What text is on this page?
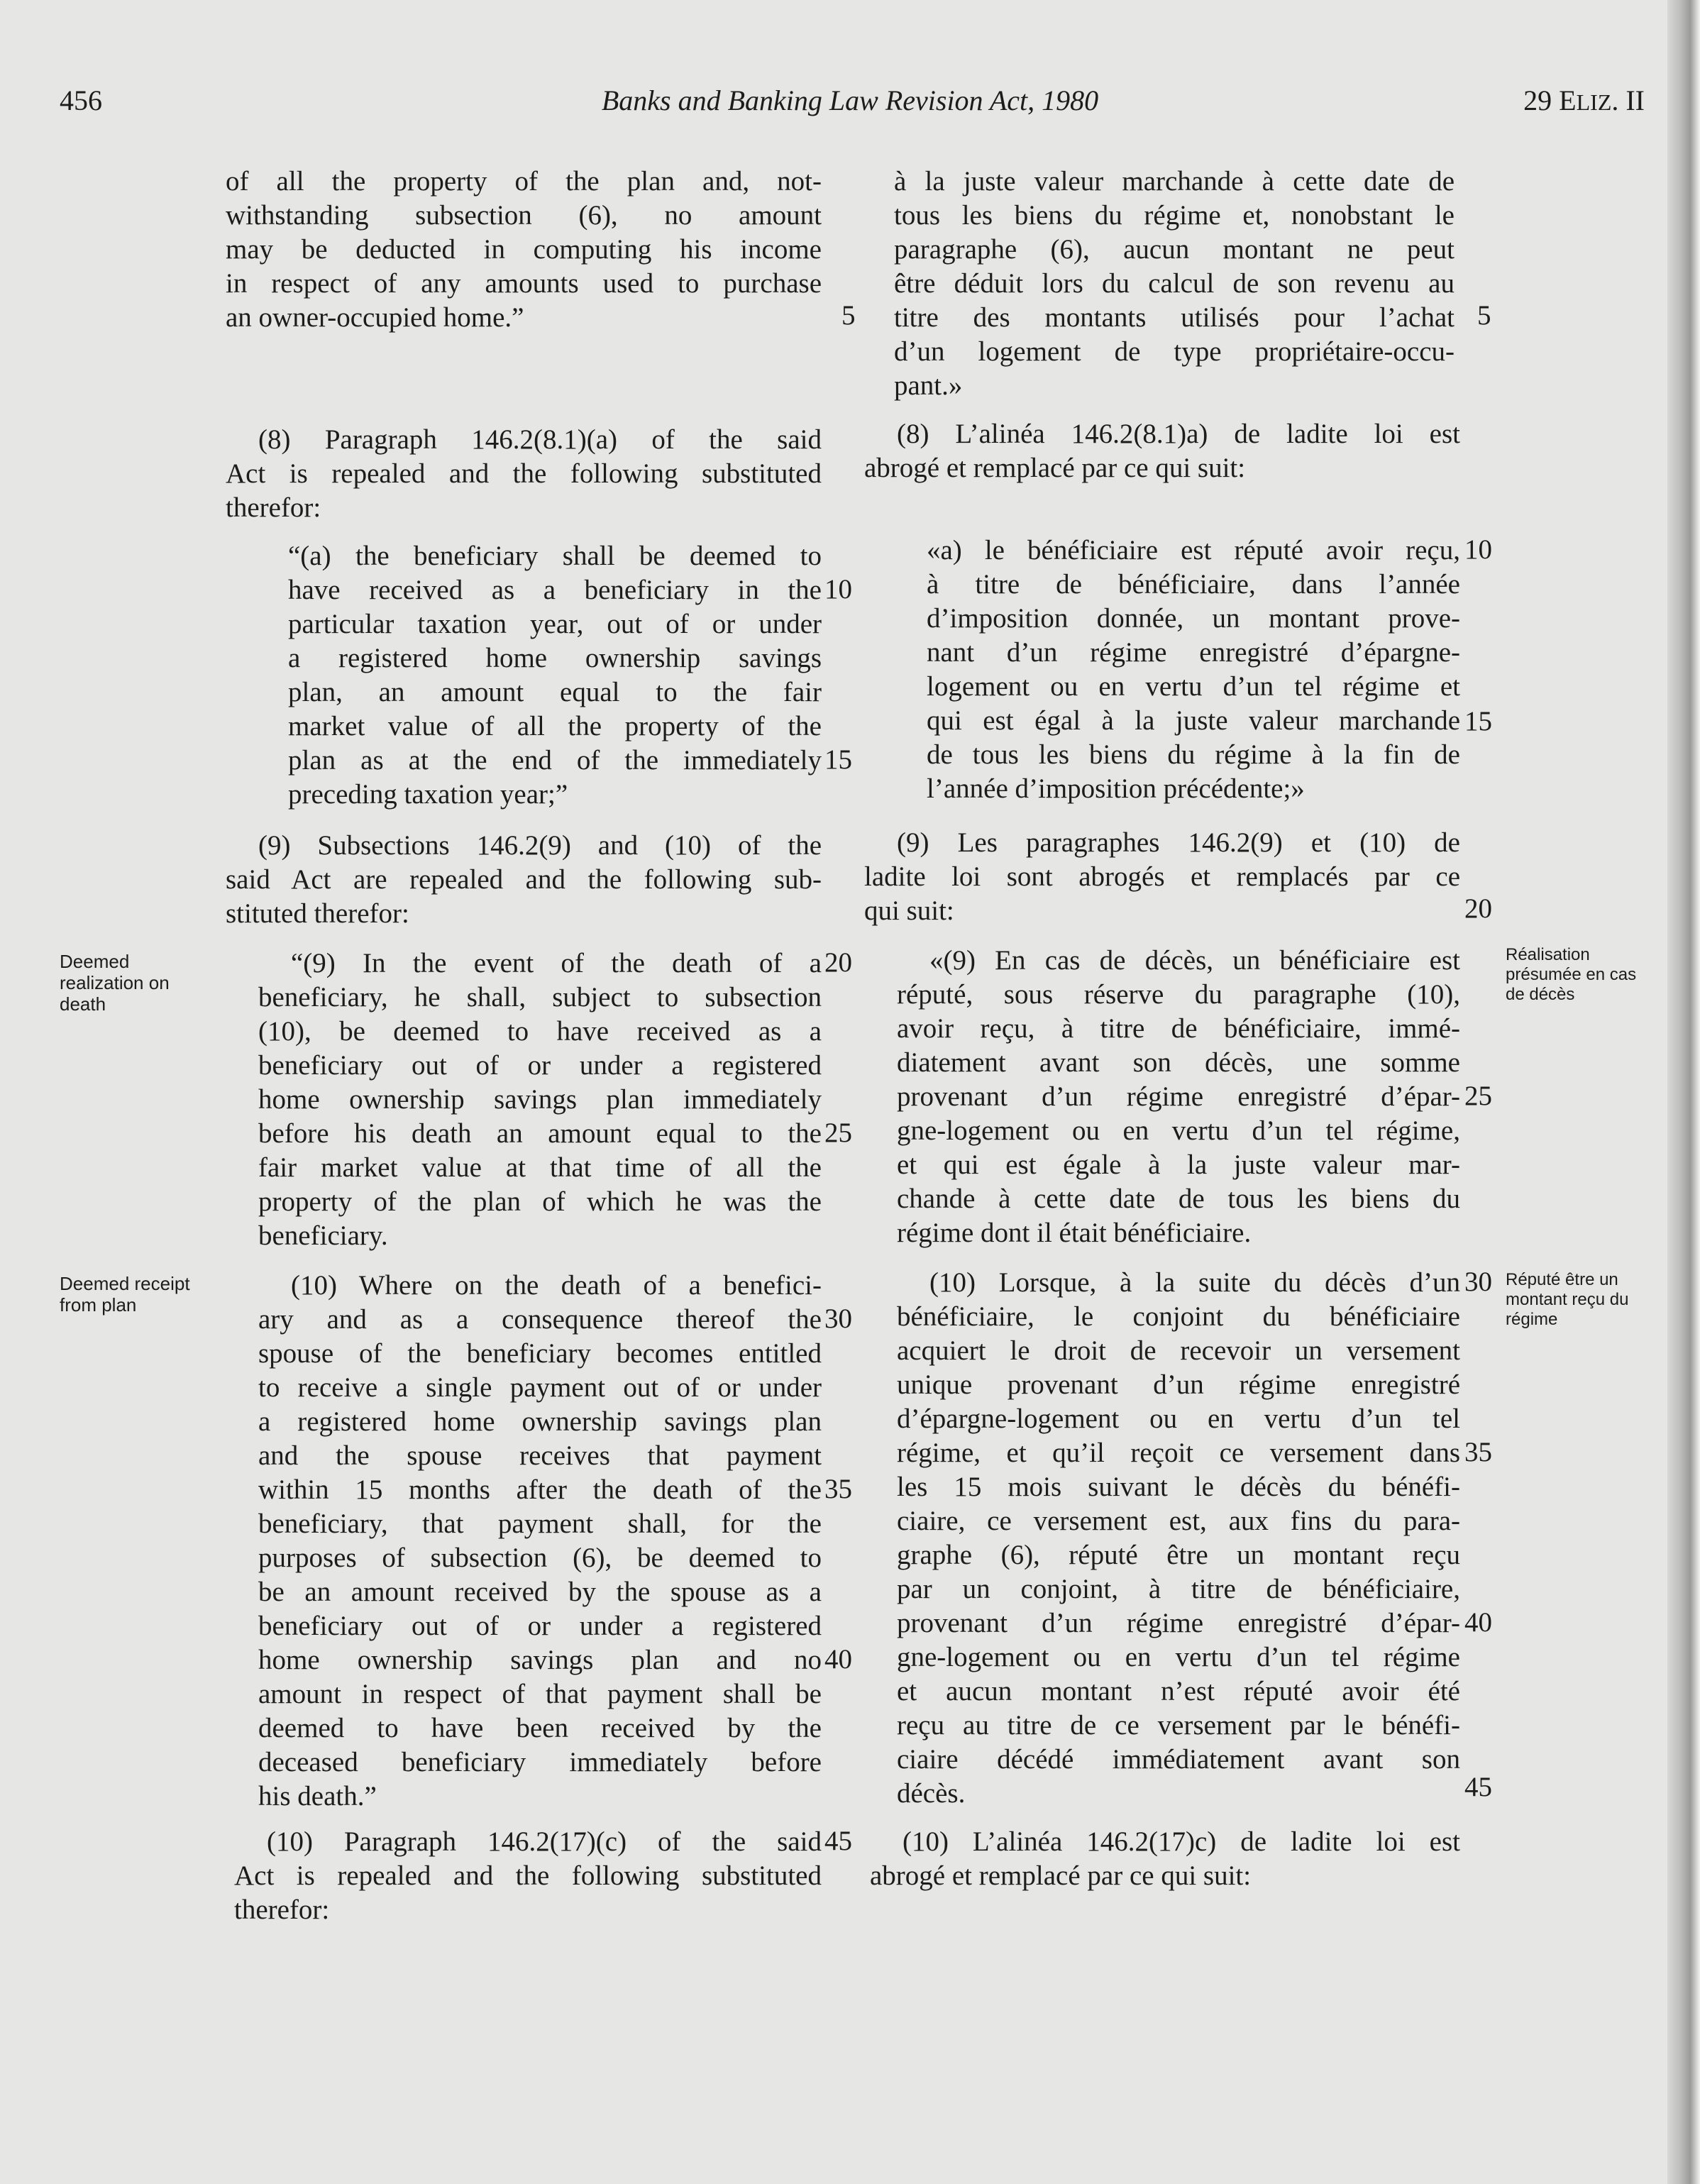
456	Banks and Banking Law Revision Act, 1980	29 ELIZ. II
of all the property of the plan and, not-
withstanding subsection (6), no amount
may be deducted in computing his income
in respect of any amounts used to purchase
an owner-occupied home.”
(8) Paragraph 146.2(8.1)(a) of the said
Act is repealed and the following substituted
therefor:
“(a) the beneficiary shall be deemed to
have received as a beneficiary in the
particular taxation year, out of or under
a registered home ownership savings
plan, an amount equal to the fair
market value of all the property of the
plan as at the end of the immediately
preceding taxation year;”
(9) Subsections 146.2(9) and (10) of the
said Act are repealed and the following sub-
stituted therefor:
“(9) In the event of the death of a
beneficiary, he shall, subject to subsection
(10), be deemed to have received as a
beneficiary out of or under a registered
home ownership savings plan immediately
before his death an amount equal to the
fair market value at that time of all the
property of the plan of which he was the
beneficiary.
(10) Where on the death of a benefici-
ary and as a consequence thereof the
spouse of the beneficiary becomes entitled
to receive a single payment out of or under
a registered home ownership savings plan
and the spouse receives that payment
within 15 months after the death of the
beneficiary, that payment shall, for the
purposes of subsection (6), be deemed to
be an amount received by the spouse as a
beneficiary out of or under a registered
home ownership savings plan and no
amount in respect of that payment shall be
deemed to have been received by the
deceased beneficiary immediately before
his death.”
(10) Paragraph 146.2(17)(c) of the said
Act is repealed and the following substituted
therefor:
à la juste valeur marchande à cette date de
tous les biens du régime et, nonobstant le
paragraphe (6), aucun montant ne peut
être déduit lors du calcul de son revenu au
titre des montants utilisés pour l’achat
d’un logement de type propriétaire-occu-
pant.»
(8) L’alinéa 146.2(8.1)a) de ladite loi est
abrogé et remplacé par ce qui suit:
«a) le bénéficiaire est réputé avoir reçu,
à titre de bénéficiaire, dans l’année
d’imposition donnée, un montant prove-
nant d’un régime enregistré d’épargne-
logement ou en vertu d’un tel régime et
qui est égal à la juste valeur marchande
de tous les biens du régime à la fin de
l’année d’imposition précédente;»
(9) Les paragraphes 146.2(9) et (10) de
ladite loi sont abrogés et remplacés par ce
qui suit:
«(9) En cas de décès, un bénéficiaire est
réputé, sous réserve du paragraphe (10),
avoir reçu, à titre de bénéficiaire, immé-
diatement avant son décès, une somme
provenant d’un régime enregistré d’épar-
gne-logement ou en vertu d’un tel régime,
et qui est égale à la juste valeur mar-
chande à cette date de tous les biens du
régime dont il était bénéficiaire.
(10) Lorsque, à la suite du décès d’un
bénéficiaire, le conjoint du bénéficiaire
acquiert le droit de recevoir un versement
unique provenant d’un régime enregistré
d’épargne-logement ou en vertu d’un tel
régime, et qu’il reçoit ce versement dans
les 15 mois suivant le décès du bénéfi-
ciaire, ce versement est, aux fins du para-
graphe (6), réputé être un montant reçu
par un conjoint, à titre de bénéficiaire,
provenant d’un régime enregistré d’épar-
gne-logement ou en vertu d’un tel régime
et aucun montant n’est réputé avoir été
reçu au titre de ce versement par le bénéfi-
ciaire décédé immédiatement avant son
décès.
(10) L’alinéa 146.2(17)c) de ladite loi est
abrogé et remplacé par ce qui suit:
5
10
15
20
25
30
35
40
45
5
10
15
20
25
30
35
40
45
Deemed realization on death
Deemed receipt from plan
Réalisation présumée en cas de décès
Réputé être un montant reçu du régime
